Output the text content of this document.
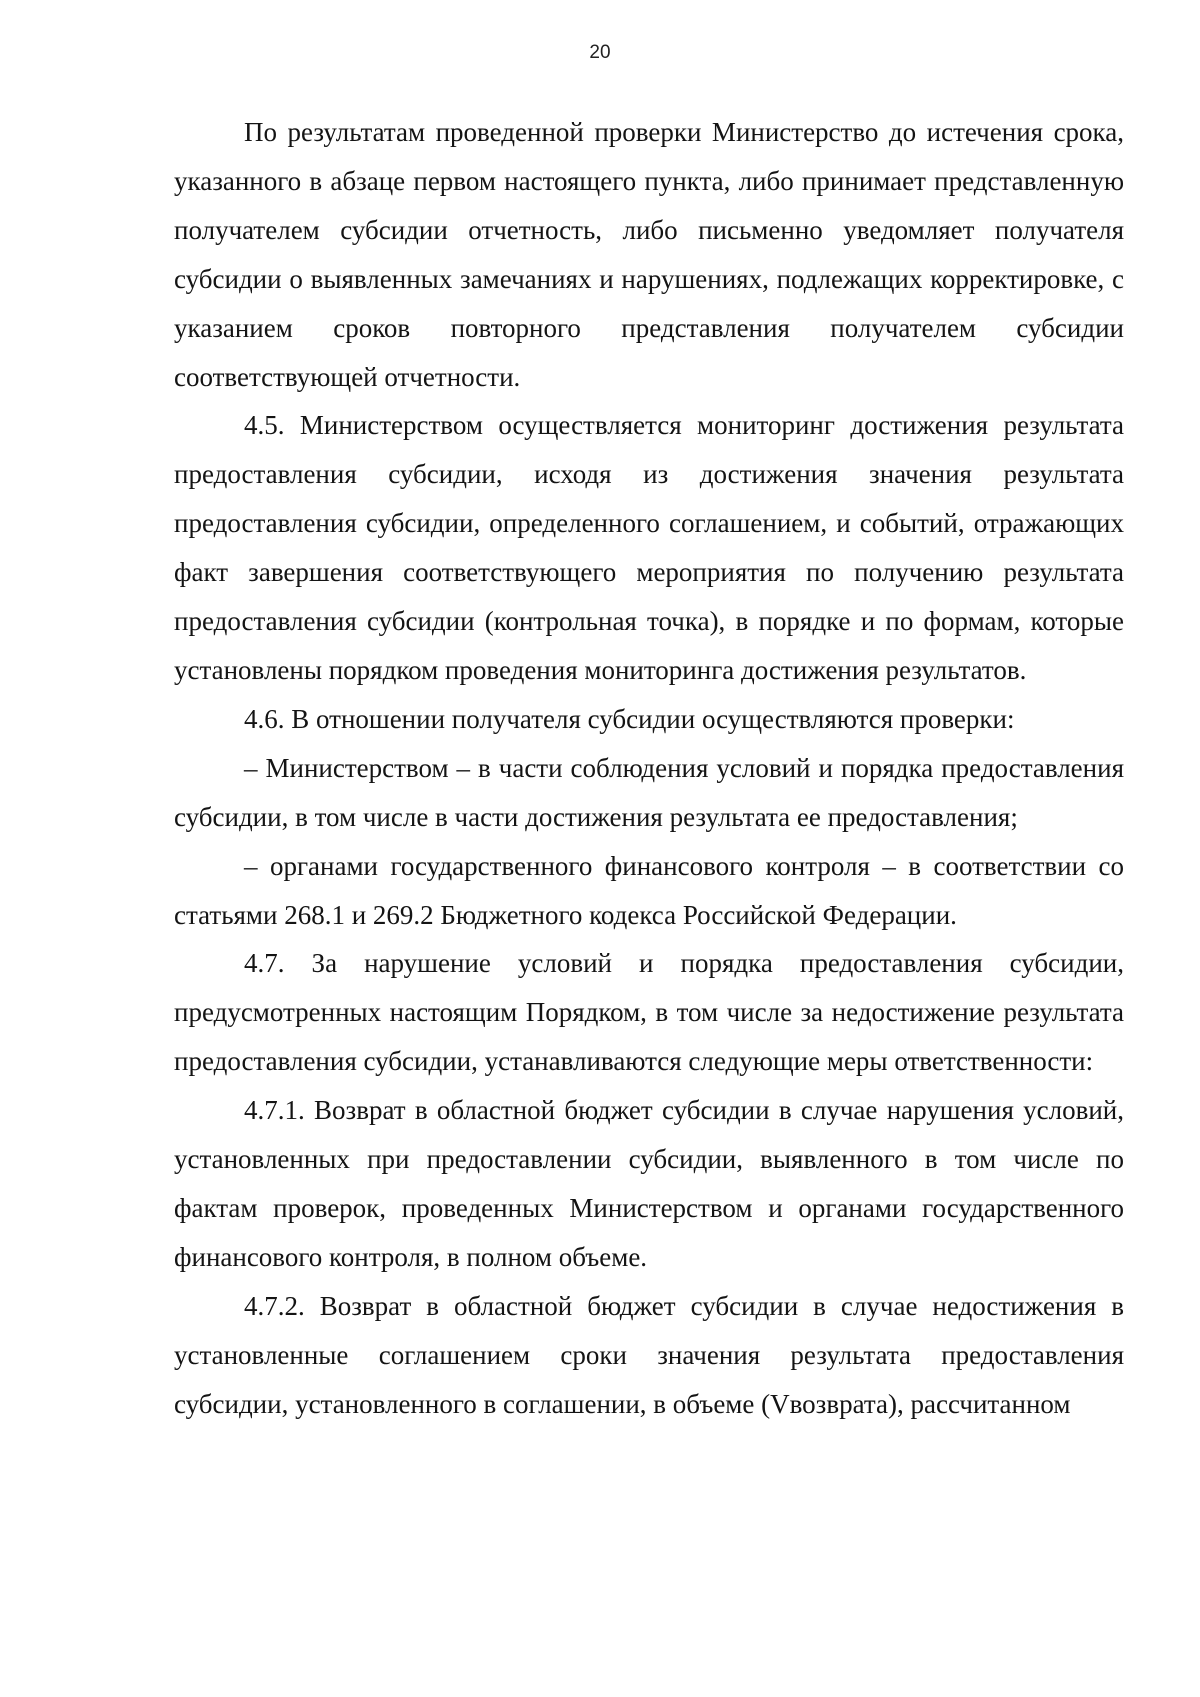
20

По результатам проведенной проверки Министерство до истечения срока, указанного в абзаце первом настоящего пункта, либо принимает представленную получателем субсидии отчетность, либо письменно уведомляет получателя субсидии о выявленных замечаниях и нарушениях, подлежащих корректировке, с указанием сроков повторного представления получателем субсидии соответствующей отчетности.

4.5. Министерством осуществляется мониторинг достижения результата предоставления субсидии, исходя из достижения значения результата предоставления субсидии, определенного соглашением, и событий, отражающих факт завершения соответствующего мероприятия по получению результата предоставления субсидии (контрольная точка), в порядке и по формам, которые установлены порядком проведения мониторинга достижения результатов.

4.6. В отношении получателя субсидии осуществляются проверки:

– Министерством – в части соблюдения условий и порядка предоставления субсидии, в том числе в части достижения результата ее предоставления;

– органами государственного финансового контроля – в соответствии со статьями 268.1 и 269.2 Бюджетного кодекса Российской Федерации.

4.7. За нарушение условий и порядка предоставления субсидии, предусмотренных настоящим Порядком, в том числе за недостижение результата предоставления субсидии, устанавливаются следующие меры ответственности:

4.7.1. Возврат в областной бюджет субсидии в случае нарушения условий, установленных при предоставлении субсидии, выявленного в том числе по фактам проверок, проведенных Министерством и органами государственного финансового контроля, в полном объеме.

4.7.2. Возврат в областной бюджет субсидии в случае недостижения в установленные соглашением сроки значения результата предоставления субсидии, установленного в соглашении, в объеме (Vвозврата), рассчитанном
